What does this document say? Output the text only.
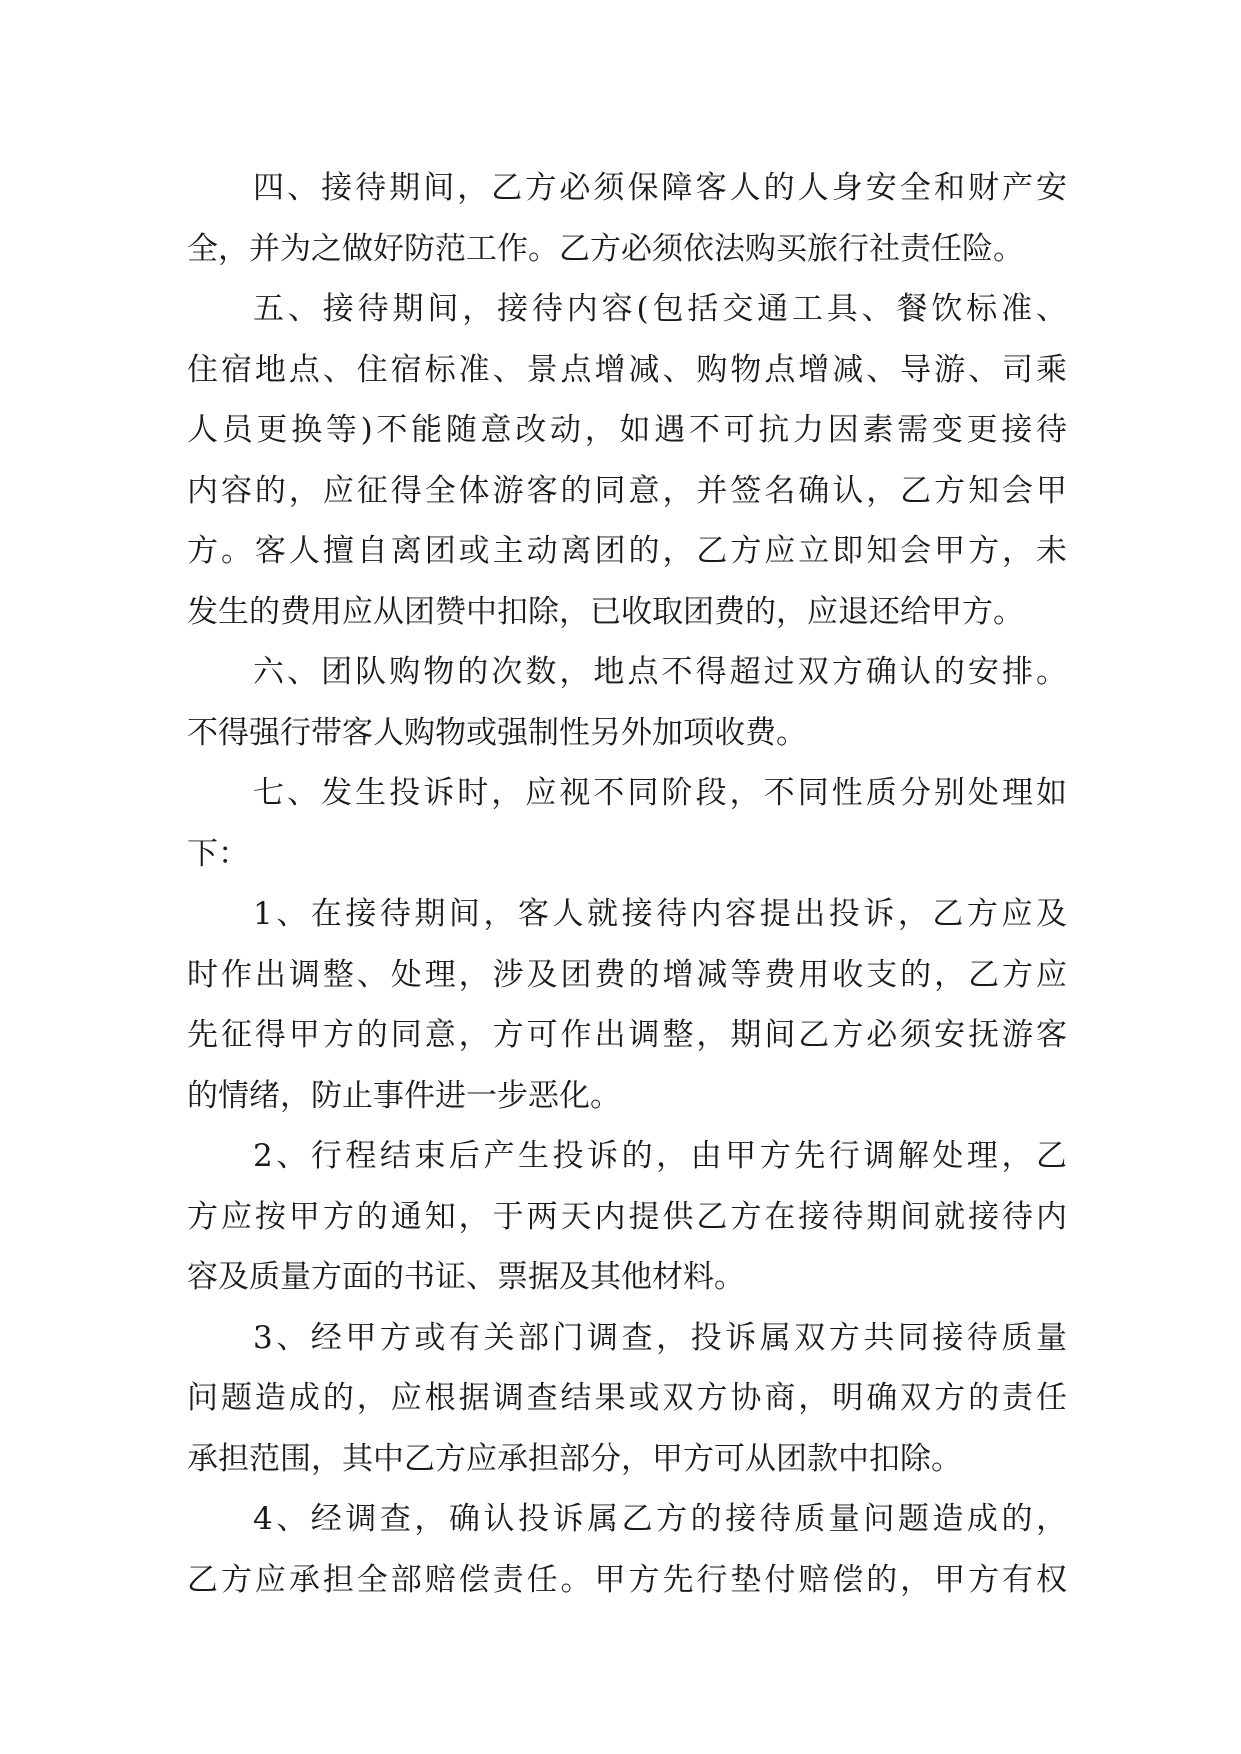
四、接待期间，乙方必须保障客人的人身安全和财产安
全，并为之做好防范工作。乙方必须依法购买旅行社责任险。
五、接待期间，接待内容(包括交通工具、餐饮标准、
住宿地点、住宿标准、景点增减、购物点增减、导游、司乘
人员更换等)不能随意改动，如遇不可抗力因素需变更接待
内容的，应征得全体游客的同意，并签名确认，乙方知会甲
方。客人擅自离团或主动离团的，乙方应立即知会甲方，未
发生的费用应从团赞中扣除，已收取团费的，应退还给甲方。
六、团队购物的次数，地点不得超过双方确认的安排。
不得强行带客人购物或强制性另外加项收费。
七、发生投诉时，应视不同阶段，不同性质分别处理如
下：
1、在接待期间，客人就接待内容提出投诉，乙方应及
时作出调整、处理，涉及团费的增减等费用收支的，乙方应
先征得甲方的同意，方可作出调整，期间乙方必须安抚游客
的情绪，防止事件进一步恶化。
2、行程结束后产生投诉的，由甲方先行调解处理，乙
方应按甲方的通知，于两天内提供乙方在接待期间就接待内
容及质量方面的书证、票据及其他材料。
3、经甲方或有关部门调查，投诉属双方共同接待质量
问题造成的，应根据调查结果或双方协商，明确双方的责任
承担范围，其中乙方应承担部分，甲方可从团款中扣除。
4、经调查，确认投诉属乙方的接待质量问题造成的，
乙方应承担全部赔偿责任。甲方先行垫付赔偿的，甲方有权
